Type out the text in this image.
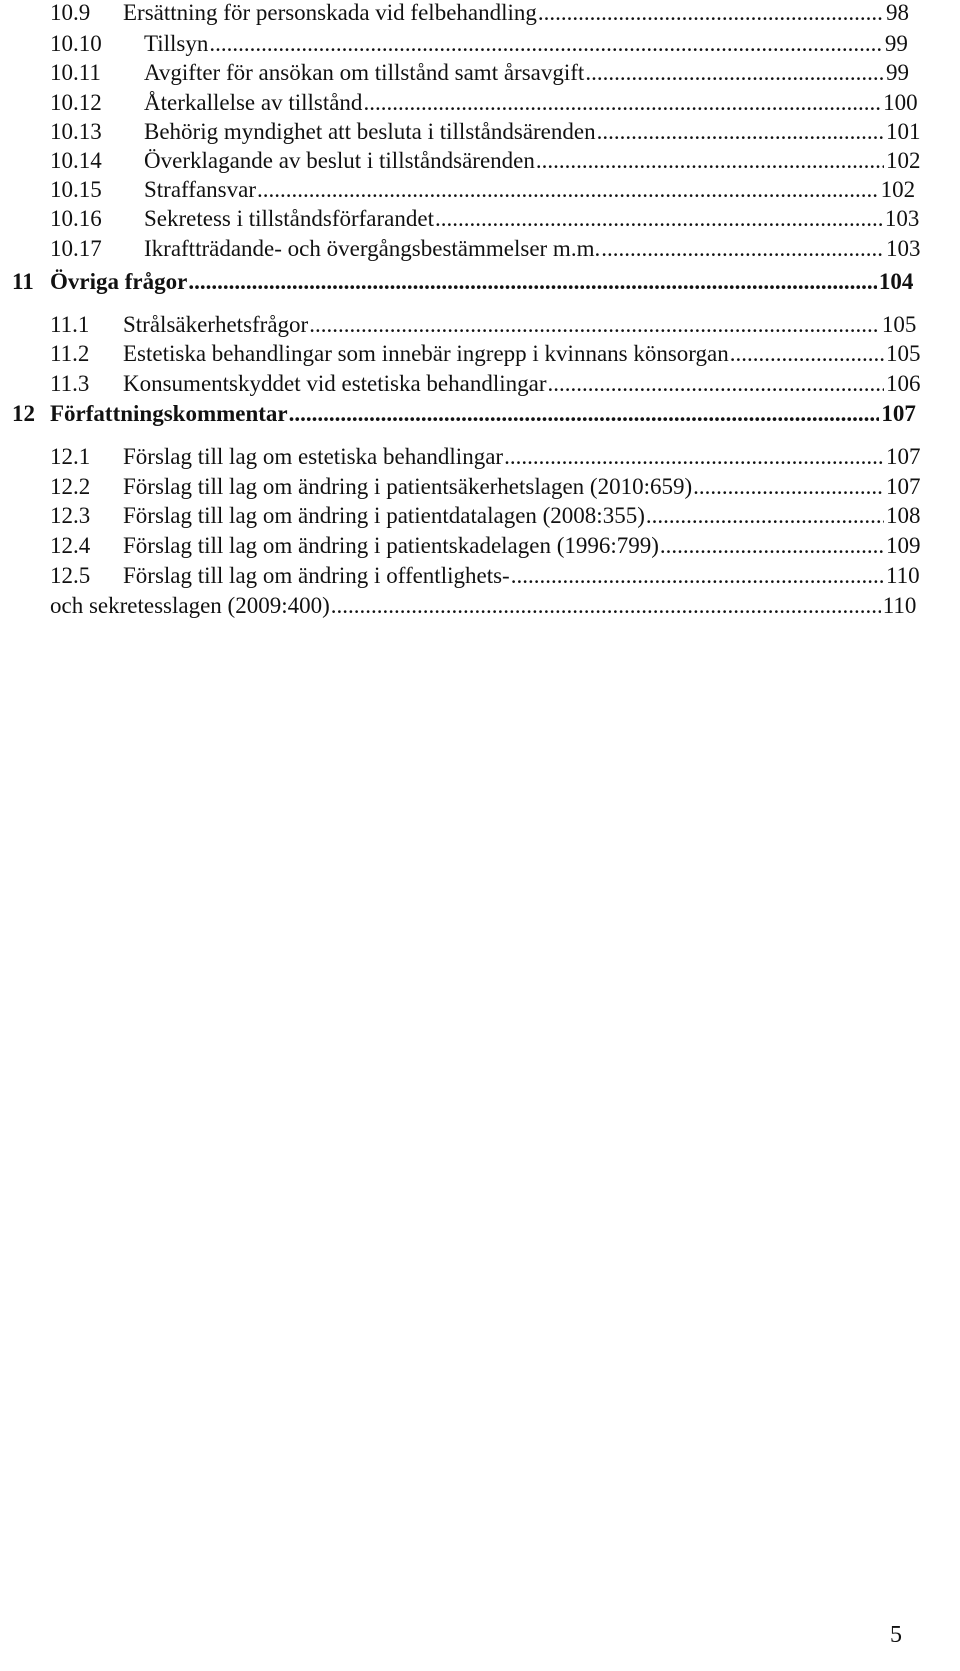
10.9 Ersättning för personskada vid felbehandling .....	98
10.10 Tillsyn .....	99
10.11 Avgifter för ansökan om tillstånd samt årsavgift .....	99
10.12 Återkallelse av tillstånd .....	100
10.13 Behörig myndighet att besluta i tillståndsärenden .....	101
10.14 Överklagande av beslut i tillståndsärenden .....	102
10.15 Straffansvar .....	102
10.16 Sekretess i tillståndsförfarandet .....	103
10.17 Ikraftträdande- och övergångsbestämmelser m.m. .....	103
11 Övriga frågor .....	104
11.1 Strålsäkerhetsfrågor .....	105
11.2 Estetiska behandlingar som innebär ingrepp i kvinnans könsorgan .....	105
11.3 Konsumentskyddet vid estetiska behandlingar .....	106
12 Författningskommentar .....	107
12.1 Förslag till lag om estetiska behandlingar .....	107
12.2 Förslag till lag om ändring i patientsäkerhetslagen (2010:659) .....	107
12.3 Förslag till lag om ändring i patientdatalagen (2008:355) .....	108
12.4 Förslag till lag om ändring i patientskadelagen (1996:799) .....	109
12.5 Förslag till lag om ändring i offentlighets- .....	110
och sekretesslagen (2009:400) .....	110
5
